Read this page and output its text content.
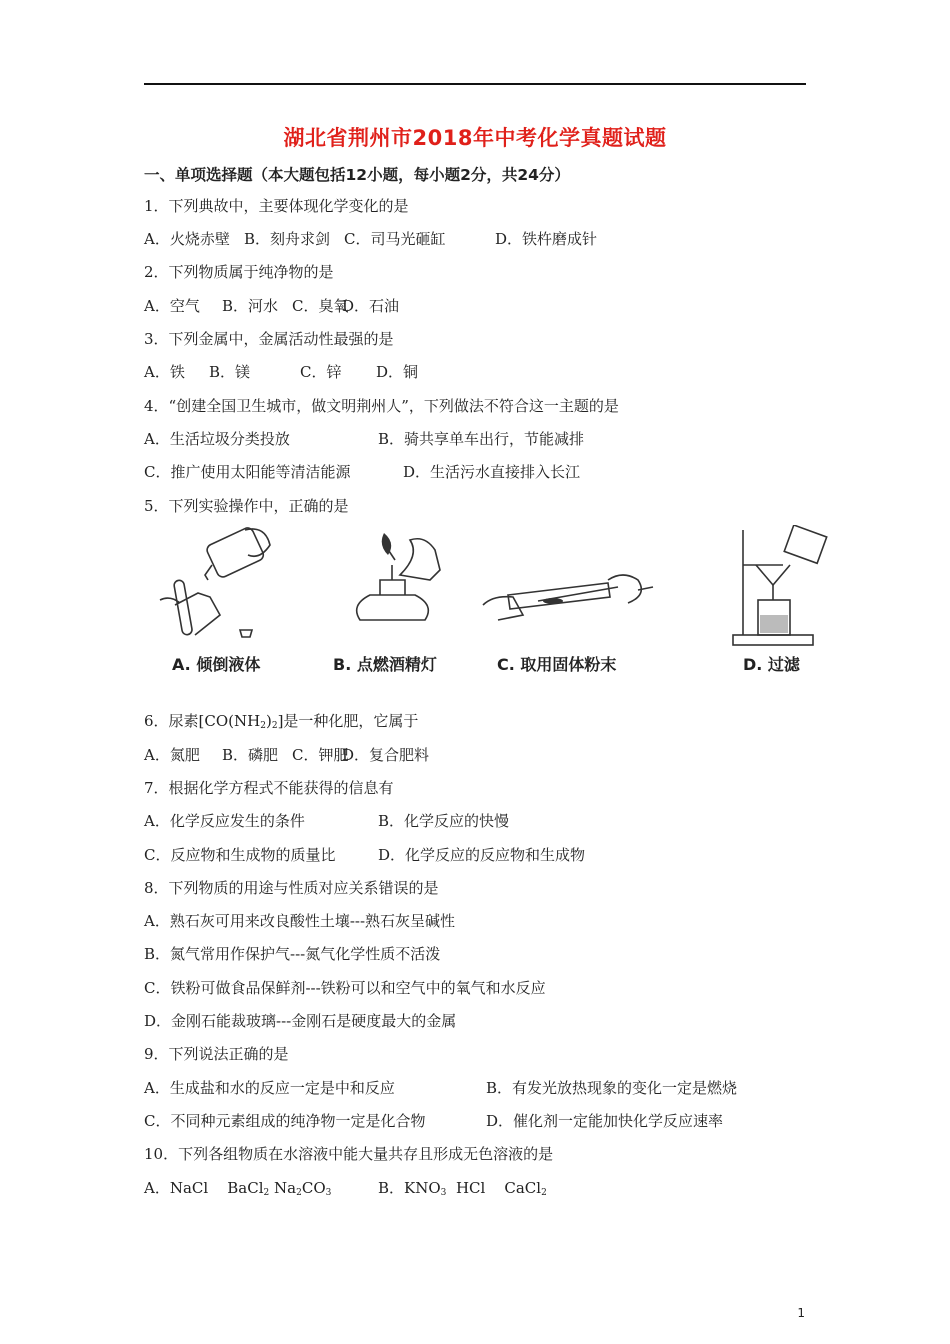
湖北省荆州市2018年中考化学真题试题
一、单项选择题（本大题包括12小题，每小题2分，共24分）
1．下列典故中，主要体现化学变化的是
A．火烧赤壁 B．刻舟求剑 C．司马光砸缸	D．铁杵磨成针
2．下列物质属于纯净物的是
A．空气 B．河水 C．臭氧
D．石油
3．下列金属中，金属活动性最强的是
A．铁 B．镁	C．锌 D．铜
4．“创建全国卫生城市，做文明荆州人”，下列做法不符合这一主题的是
A．生活垃圾分类投放	B．骑共享单车出行，节能减排
C．推广使用太阳能等清洁能源	D．生活污水直接排入长江
5．下列实验操作中，正确的是
A. 倾倒液体	B. 点燃酒精灯	C. 取用固体粉末	D. 过滤
6．尿素$[CO(NH_2)_2]$是一种化肥，它属于
A．氮肥 B．磷肥 C．钾肥
D．复合肥料
7．根据化学方程式不能获得的信息有
A．化学反应发生的条件	B．化学反应的快慢
C．反应物和生成物的质量比	D．化学反应的反应物和生成物
8．下列物质的用途与性质对应关系错误的是
A．熟石灰可用来改良酸性土壤---熟石灰呈碱性
B．氮气常用作保护气---氮气化学性质不活泼
C．铁粉可做食品保鲜剂---铁粉可以和空气中的氧气和水反应
D．金刚石能裁玻璃---金刚石是硬度最大的金属
9．下列说法正确的是
A．生成盐和水的反应一定是中和反应	B．有发光放热现象的变化一定是燃烧
C．不同种元素组成的纯净物一定是化合物	D．催化剂一定能加快化学反应速率
10．下列各组物质在水溶液中能大量共存且形成无色溶液的是
A．NaCl BaCl$_2$ $Na_2CO_3$	B．$KNO_3$ HCl CaCl$_2$
1
